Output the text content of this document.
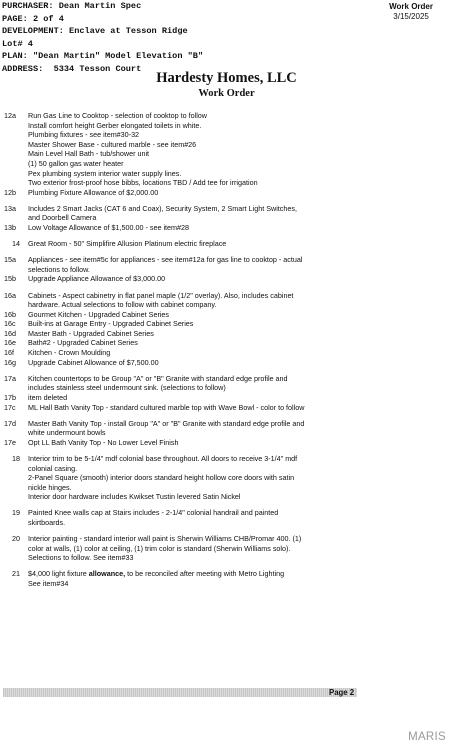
PURCHASER: Dean Martin Spec
PAGE: 2 of 4
DEVELOPMENT: Enclave at Tesson Ridge
Lot# 4
PLAN: "Dean Martin" Model Elevation "B"
ADDRESS:  5334 Tesson Court
Work Order
3/15/2025
Hardesty Homes, LLC
Work Order
12a	Run Gas Line to Cooktop - selection of cooktop to follow
Install comfort height Gerber elongated toilets in white.
Plumbing fixtures - see item#30-32
Master Shower Base - cultured marble - see item#26
Main Level Hall Bath - tub/shower unit
(1) 50 gallon gas water heater
Pex plumbing system interior water supply lines.
Two exterior frost-proof hose bibbs, locations TBD / Add tee for irrigation
12b	Plumbing Fixture Allowance of $2,000.00
13a	Includes 2 Smart Jacks (CAT 6 and Coax), Security System, 2 Smart Light Switches,
and Doorbell Camera
13b	Low Voltage Allowance of $1,500.00 - see item#28
14	Great Room - 50" Simplifire Allusion Platinum electric fireplace
15a	Appliances - see item#5c for appliances - see item#12a for gas line to cooktop - actual
selections to follow.
15b	Upgrade Appliance Allowance of $3,000.00
16a	Cabinets - Aspect cabinetry in flat panel maple (1/2" overlay). Also, includes cabinet
hardware. Actual selections to follow with cabinet company.
16b	Gourmet Kitchen - Upgraded Cabinet Series
16c	Built-ins at Garage Entry - Upgraded Cabinet Series
16d	Master Bath - Upgraded Cabinet Series
16e	Bath#2 - Upgraded Cabinet Series
16f	Kitchen - Crown Moulding
16g	Upgrade Cabinet Allowance of $7,500.00
17a	Kitchen countertops to be Group "A" or "B" Granite with standard edge profile and
includes stainless steel undermount sink. (selections to follow)
17b	item deleted
17c	ML Hall Bath Vanity Top - standard cultured marble top with Wave Bowl - color to follow
17d	Master Bath Vanity Top - install Group "A" or "B" Granite with standard edge profile and
white undermount bowls
17e	Opt LL Bath Vanity Top - No Lower Level Finish
18	Interior trim to be 5-1/4" mdf colonial base throughout. All doors to receive 3-1/4" mdf
colonial casing.
2-Panel Square (smooth) interior doors standard height hollow core doors with satin
nickle hinges.
Interior door hardware includes Kwikset Tustin levered Satin Nickel
19	Painted Knee walls cap at Stairs includes - 2-1/4" colonial handrail and painted
skirtboards.
20	Interior painting - standard interior wall paint is Sherwin Williams CHB/Promar 400. (1)
color at walls, (1) color at ceiling, (1) trim color is standard (Sherwin Williams solo).
Selections to follow. See item#33
21	$4,000 light fixture allowance, to be reconciled after meeting with Metro Lighting
See item#34
Page 2
MARIS
